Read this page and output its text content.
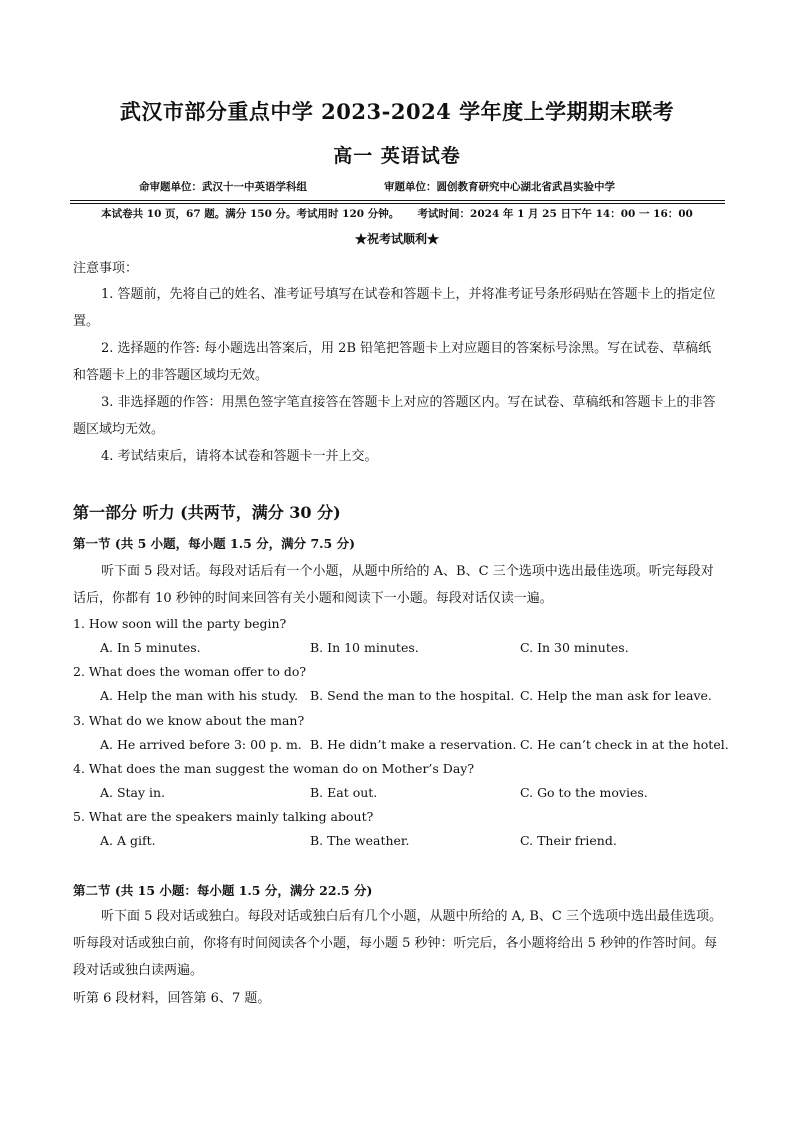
武汉市部分重点中学 2023-2024 学年度上学期期末联考
高一 英语试卷
命审题单位：武汉十一中英语学科组	审题单位：圆创教育研究中心湖北省武昌实验中学
本试卷共 10 页，67 题。满分 150 分。考试用时 120 分钟。     考试时间：2024 年 1 月 25 日下午 14：00 一 16：00
★祝考试顺利★
注意事项：
1. 答题前，先将自己的姓名、准考证号填写在试卷和答题卡上，并将准考证号条形码贴在答题卡上的指定位置。
2. 选择题的作答: 每小题选出答案后，用 2B 铅笔把答题卡上对应题目的答案标号涂黑。写在试卷、草稿纸和答题卡上的非答题区域均无效。
3. 非选择题的作答：用黑色签字笔直接答在答题卡上对应的答题区内。写在试卷、草稿纸和答题卡上的非答题区域均无效。
4. 考试结束后，请将本试卷和答题卡一并上交。
第一部分 听力 (共两节，满分 30 分)
第一节 (共 5 小题，每小题 1.5 分，满分 7.5 分)
听下面 5 段对话。每段对话后有一个小题，从题中所给的 A、B、C 三个选项中选出最佳选项。听完每段对话后，你都有 10 秒钟的时间来回答有关小题和阅读下一小题。每段对话仅读一遍。
1. How soon will the party begin?
A. In 5 minutes.	B. In 10 minutes.	C. In 30 minutes.
2. What does the woman offer to do?
A. Help the man with his study. B. Send the man to the hospital. C. Help the man ask for leave.
3. What do we know about the man?
A. He arrived before 3: 00 p. m. B. He didn’t make a reservation. C. He can’t check in at the hotel.
4. What does the man suggest the woman do on Mother’s Day?
A. Stay in.	B. Eat out.	C. Go to the movies.
5. What are the speakers mainly talking about?
A. A gift.	B. The weather.	C. Their friend.
第二节 (共 15 小题：每小题 1.5 分，满分 22.5 分)
听下面 5 段对话或独白。每段对话或独白后有几个小题，从题中所给的 A, B、C 三个选项中选出最佳选项。听每段对话或独白前，你将有时间阅读各个小题，每小题 5 秒钟：听完后，各小题将给出 5 秒钟的作答时间。每段对话或独白读两遍。
听第 6 段材料，回答第 6、7 题。
